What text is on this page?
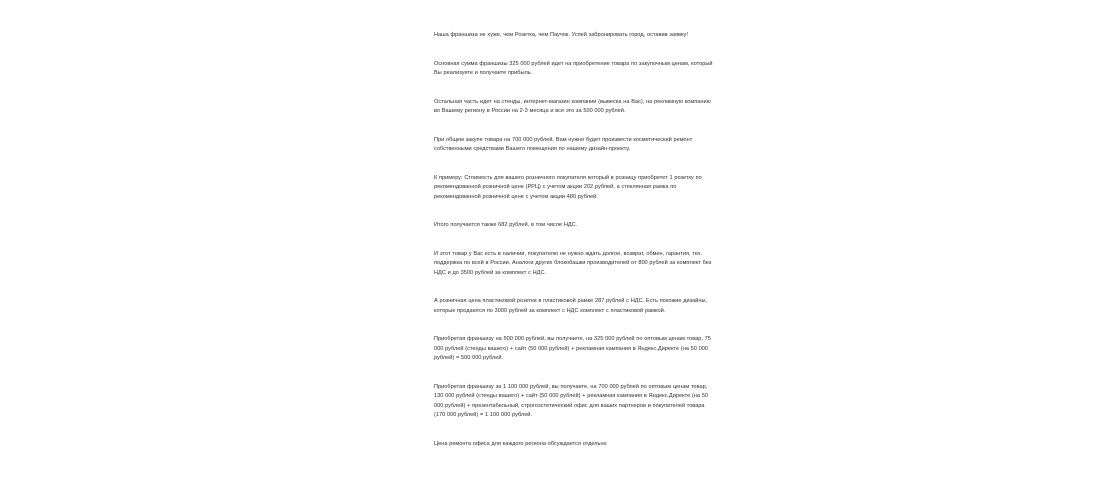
Наша франшиза не хуже, чем Розетка, чем Паучок. Успей забронировать город, оставив заявку!

Основная сумма франшизы 325 000 рублей идет на приобретение товара по закупочным ценам, который Вы реализуете и получаете прибыль.

Остальная часть идет на стенды, интернет-магазин компании (вывеска на Вас), на рекламную компанию во Вашему региону в России на 2-3 месяца и все это за 500 000 рублей.

При общем закупе товара на 700 000 рублей. Вам нужно будет произвести косметический ремонт собственными средствами Вашего помещения по нашему дизайн-проекту.

К примеру: Стоимость для вашего розничного покупателя который в розницу приобретет 1 розетку по рекомендованной розничной цене (РРЦ) с учетом акции 202 рублей, а стеклянная рамка по рекомендованной розничной цене с учетом акции 480 рублей.

Итого получается также 682 рублей, в том числе НДС.

И этот товар у Вас есть в наличии, покупателю не нужно ждать долгое, возврат, обмен, гарантия, тех. поддержка по всей в России. Аналоги других блокобашки производителей от 800 рублей за комплект без НДС и до 3500 рублей за комплект с НДС.

А розничная цена пластиковой розетки в пластиковой рамке 287 рублей с НДС. Есть похожие дизайны, которые продаются по 3000 рублей за комплект с НДС комплект с пластиковой рамкой.

Приобретая франшизу на 500 000 рублей, вы получаете, на 325 000 рублей по оптовым ценам товар, 75 000 рублей (стенды вашего) + сайт (50 000 рублей) + рекламная кампания в Яндекс.Директе (на 50 000 рублей) = 500 000 рублей.

Приобретая франшизу за 1 100 000 рублей, вы получаете, на 700 000 рублей по оптовым ценам товар, 130 000 рублей (стенды вашего) + сайт (50 000 рублей) + рекламная кампания в Яндекс.Директе (на 50 000 рублей) + презентабельный, строгоэстетический офис для ваших партнеров и покупателей товара (170 000 рублей) = 1 100 000 рублей.

Цена ремонта офиса для каждого региона обсуждается отдельно
